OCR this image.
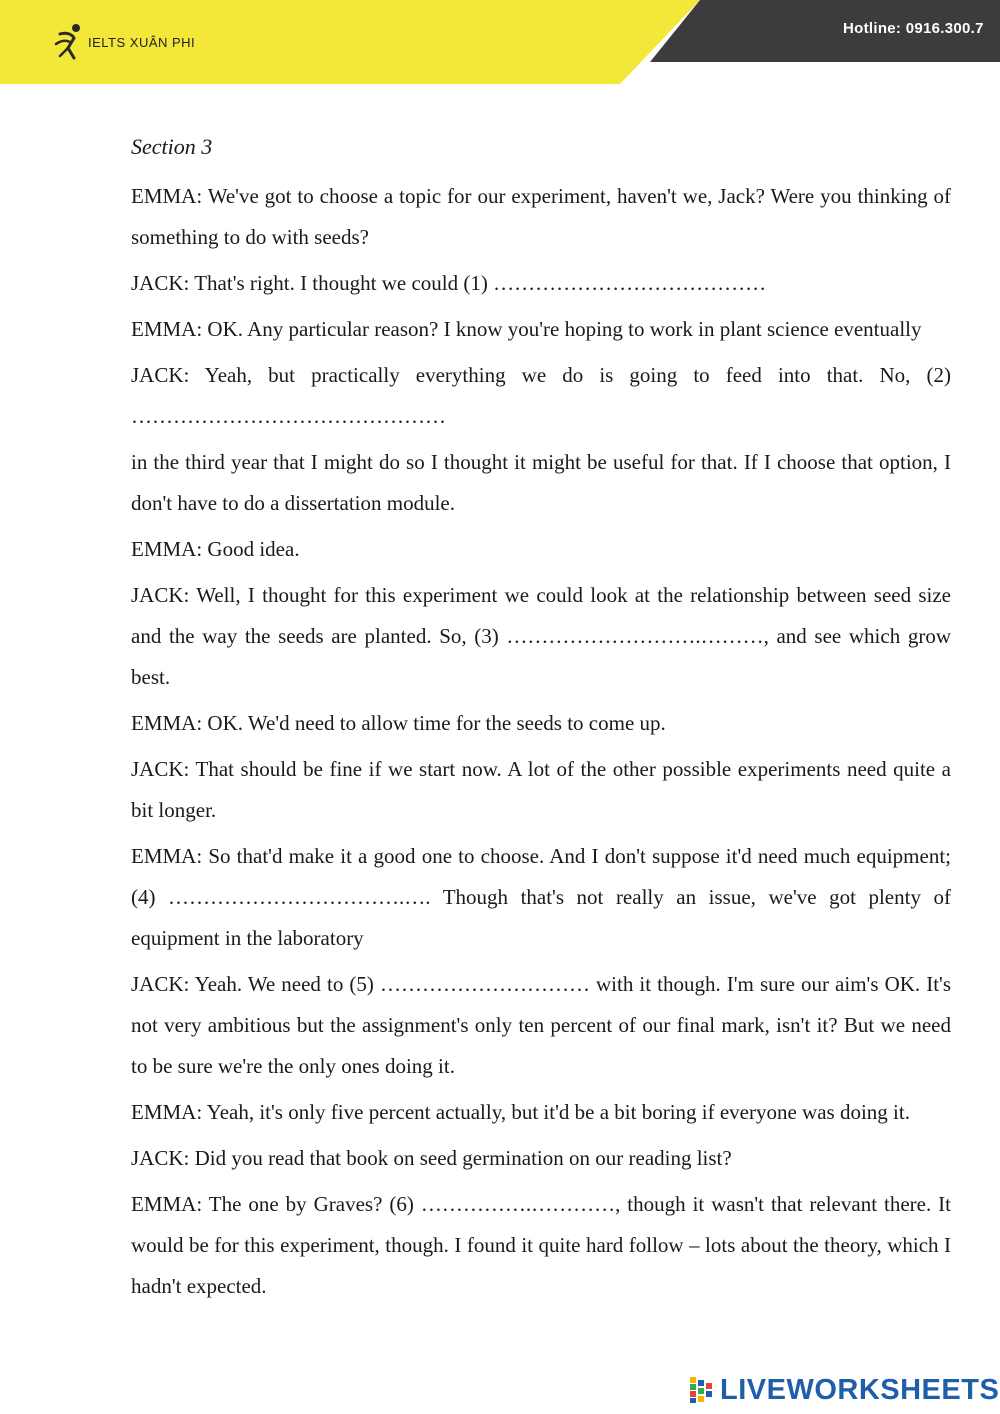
IELTS XUÂN PHI
Hotline: 0916.300.7

Section 3

EMMA: We've got to choose a topic for our experiment, haven't we, Jack? Were you thinking of something to do with seeds?

JACK: That's right. I thought we could (1) …………………………………

EMMA: OK. Any particular reason? I know you're hoping to work in plant science eventually

JACK: Yeah, but practically everything we do is going to feed into that. No, (2) ………………………………………

in the third year that I might do so I thought it might be useful for that. If I choose that option, I don't have to do a dissertation module.

EMMA: Good idea.

JACK: Well, I thought for this experiment we could look at the relationship between seed size and the way the seeds are planted. So, (3) ……………………….………, and see which grow best.

EMMA: OK. We'd need to allow time for the seeds to come up.

JACK: That should be fine if we start now. A lot of the other possible experiments need quite a bit longer.

EMMA: So that'd make it a good one to choose. And I don't suppose it'd need much equipment; (4) …………………………….…. Though that's not really an issue, we've got plenty of equipment in the laboratory

JACK: Yeah. We need to (5) ………………………… with it though. I'm sure our aim's OK. It's not very ambitious but the assignment's only ten percent of our final mark, isn't it? But we need to be sure we're the only ones doing it.

EMMA: Yeah, it's only five percent actually, but it'd be a bit boring if everyone was doing it.

JACK: Did you read that book on seed germination on our reading list?

EMMA: The one by Graves? (6) …………….…………, though it wasn't that relevant there. It would be for this experiment, though. I found it quite hard follow – lots about the theory, which I hadn't expected.

LIVEWORKSHEETS
